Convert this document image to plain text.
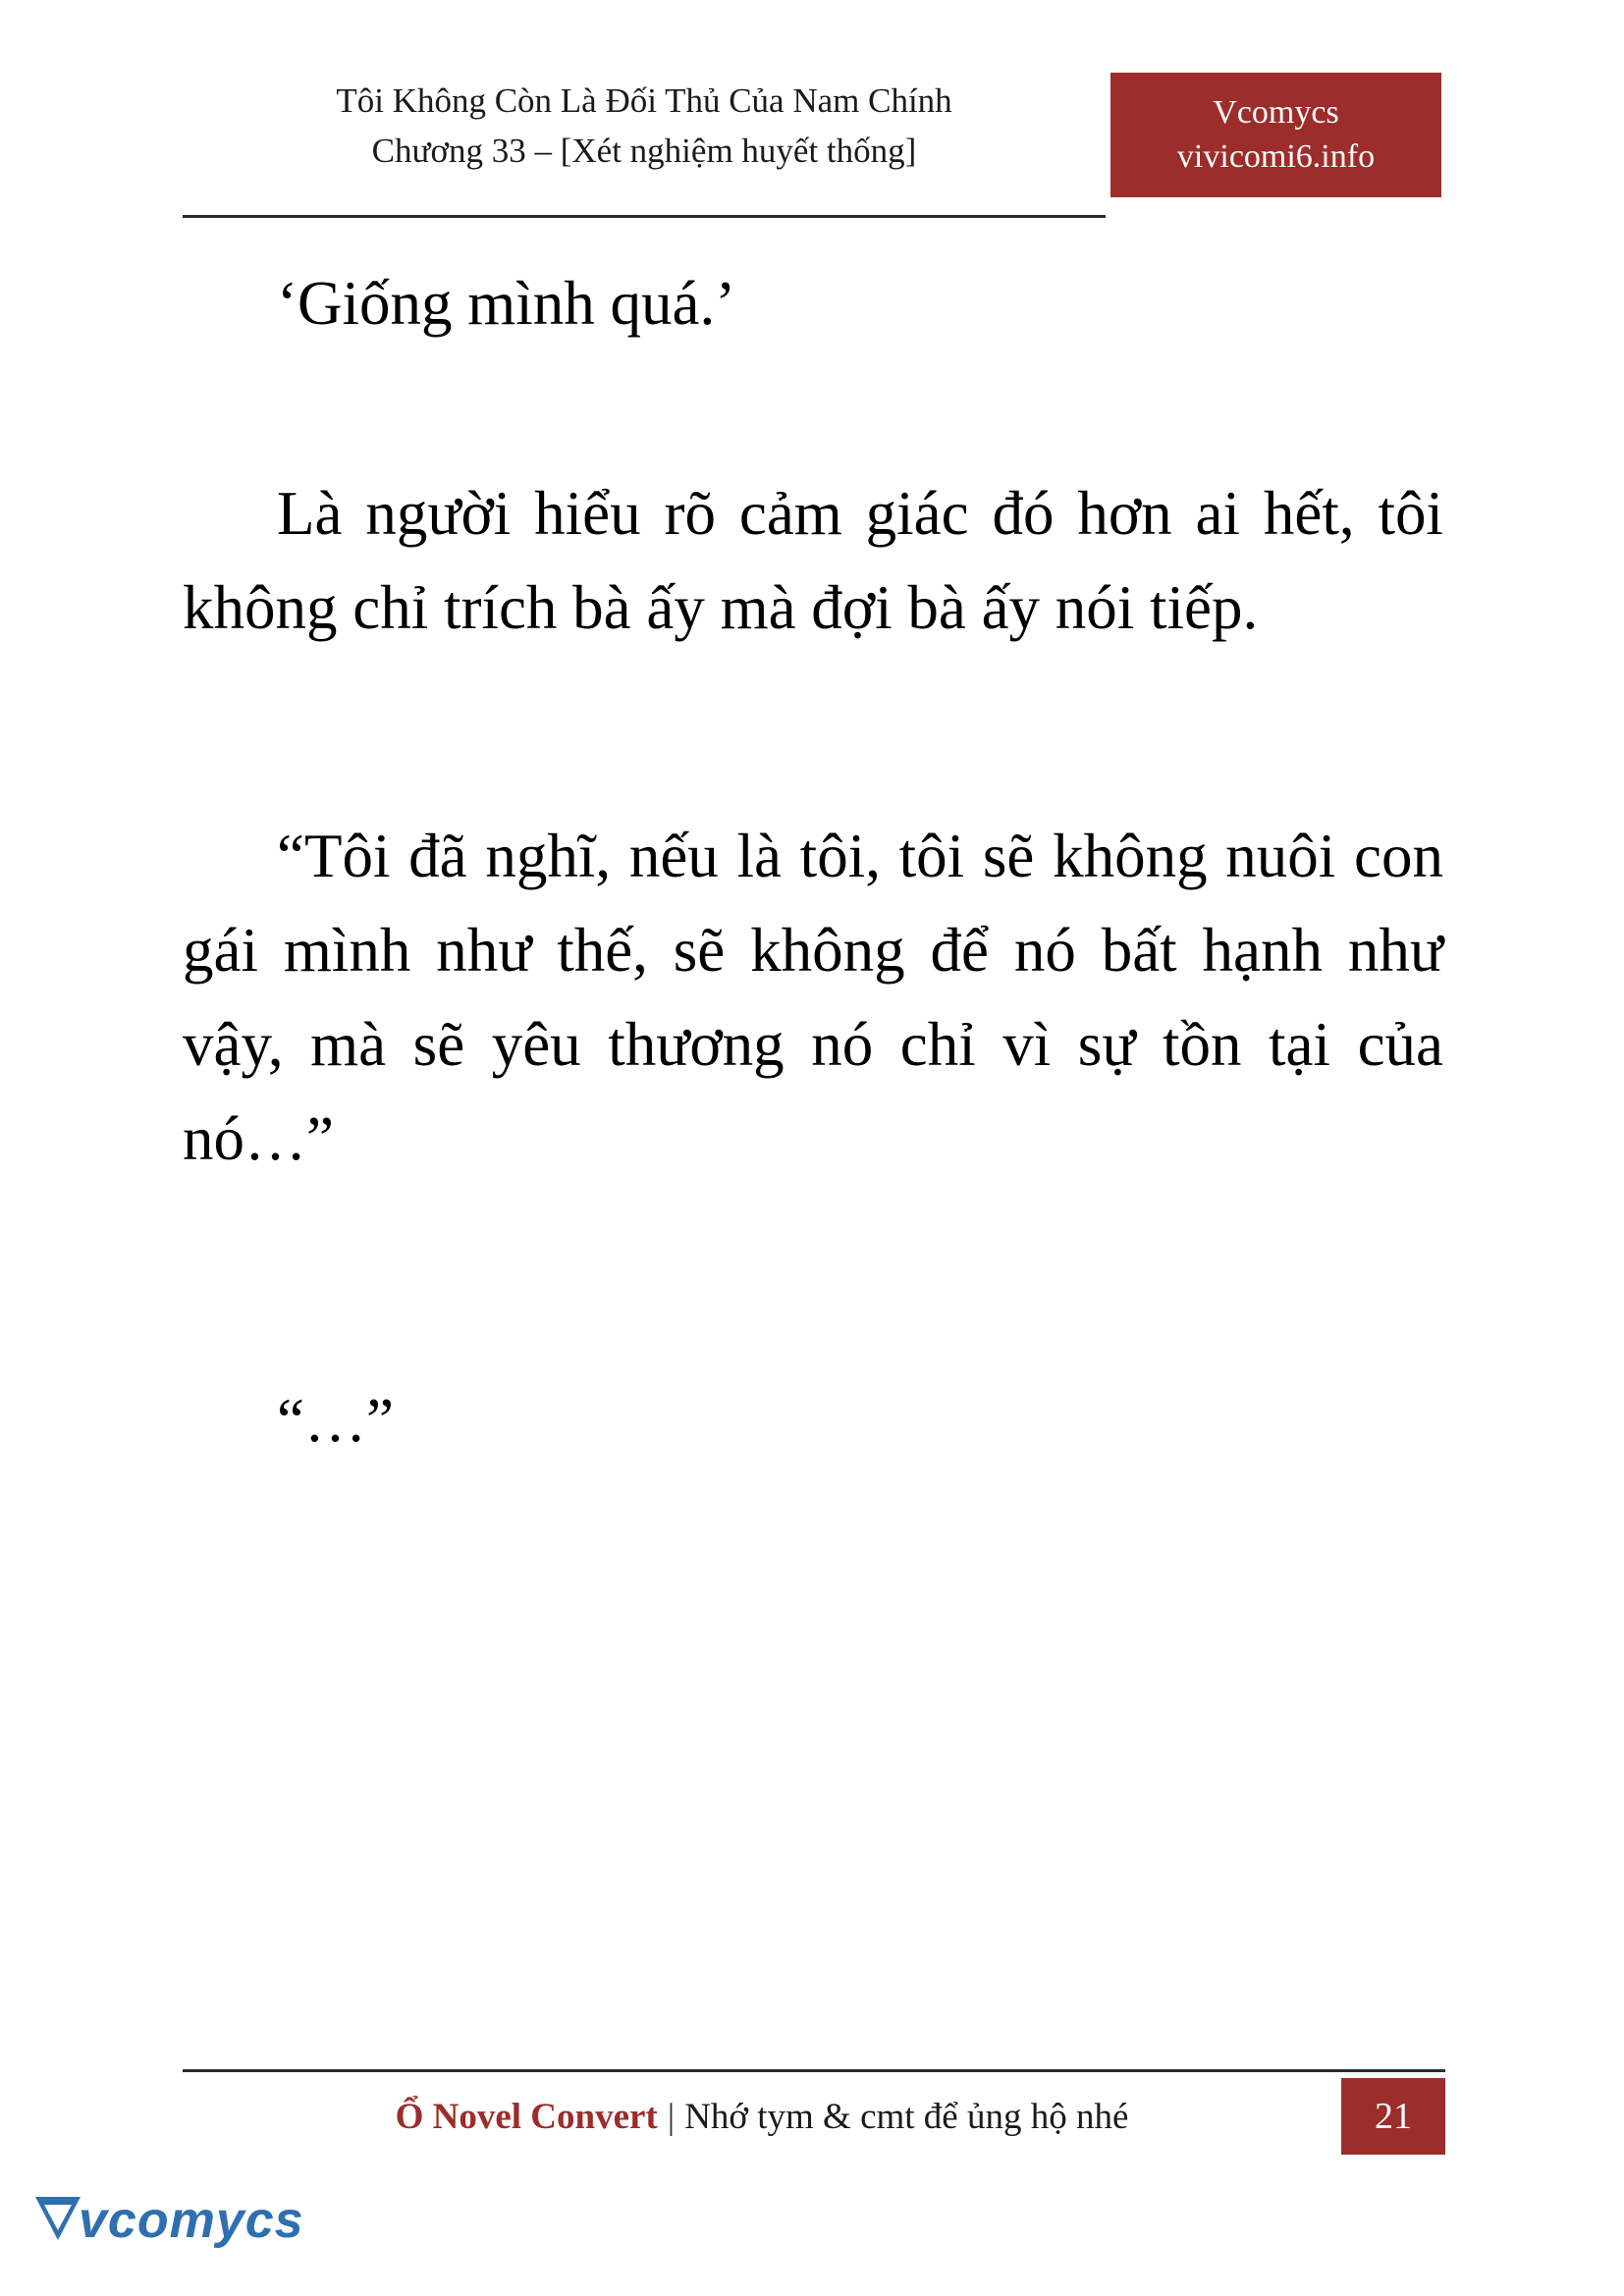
Tôi Không Còn Là Đối Thủ Của Nam Chính
Chương 33 – [Xét nghiệm huyết thống]
Vcomycs
vivicomi6.info

‘Giống mình quá.’

Là người hiểu rõ cảm giác đó hơn ai hết, tôi không chỉ trích bà ấy mà đợi bà ấy nói tiếp.

“Tôi đã nghĩ, nếu là tôi, tôi sẽ không nuôi con gái mình như thế, sẽ không để nó bất hạnh như vậy, mà sẽ yêu thương nó chỉ vì sự tồn tại của nó…”

“…”

Ổ Novel Convert | Nhớ tym & cmt để ủng hộ nhé	21
vcomycs
